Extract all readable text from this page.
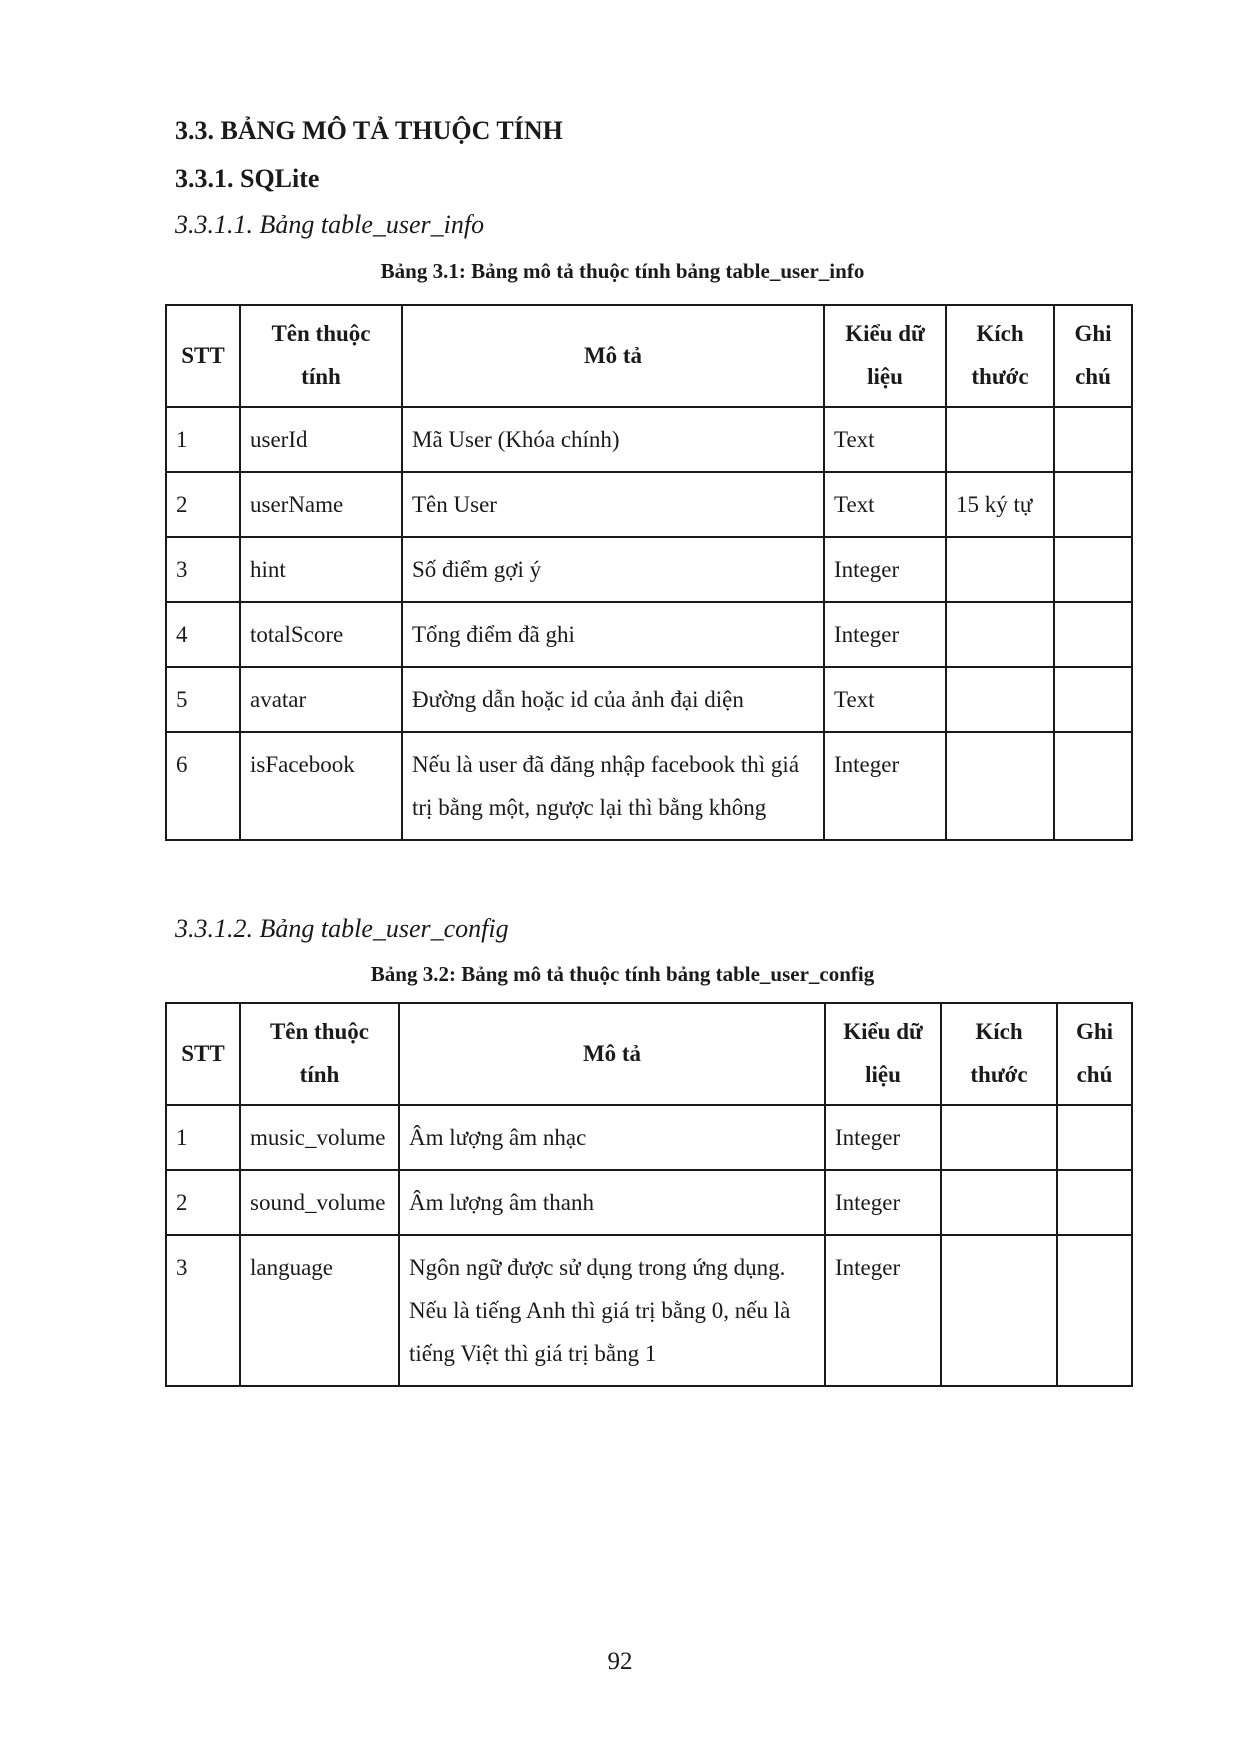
3.3. BẢNG MÔ TẢ THUỘC TÍNH
3.3.1. SQLite
3.3.1.1. Bảng table_user_info
Bảng 3.1: Bảng mô tả thuộc tính bảng table_user_info
STT	Tên thuộc tính	Mô tả	Kiểu dữ liệu	Kích thước	Ghi chú
1	userId	Mã User (Khóa chính)	Text		
2	userName	Tên User	Text	15 ký tự	
3	hint	Số điểm gợi ý	Integer		
4	totalScore	Tổng điểm đã ghi	Integer		
5	avatar	Đường dẫn hoặc id của ảnh đại diện	Text		
6	isFacebook	Nếu là user đã đăng nhập facebook thì giá trị bằng một, ngược lại thì bằng không	Integer		
3.3.1.2. Bảng table_user_config
Bảng 3.2: Bảng mô tả thuộc tính bảng table_user_config
STT	Tên thuộc tính	Mô tả	Kiểu dữ liệu	Kích thước	Ghi chú
1	music_volume	Âm lượng âm nhạc	Integer		
2	sound_volume	Âm lượng âm thanh	Integer		
3	language	Ngôn ngữ được sử dụng trong ứng dụng. Nếu là tiếng Anh thì giá trị bằng 0, nếu là tiếng Việt thì giá trị bằng 1	Integer		
92
